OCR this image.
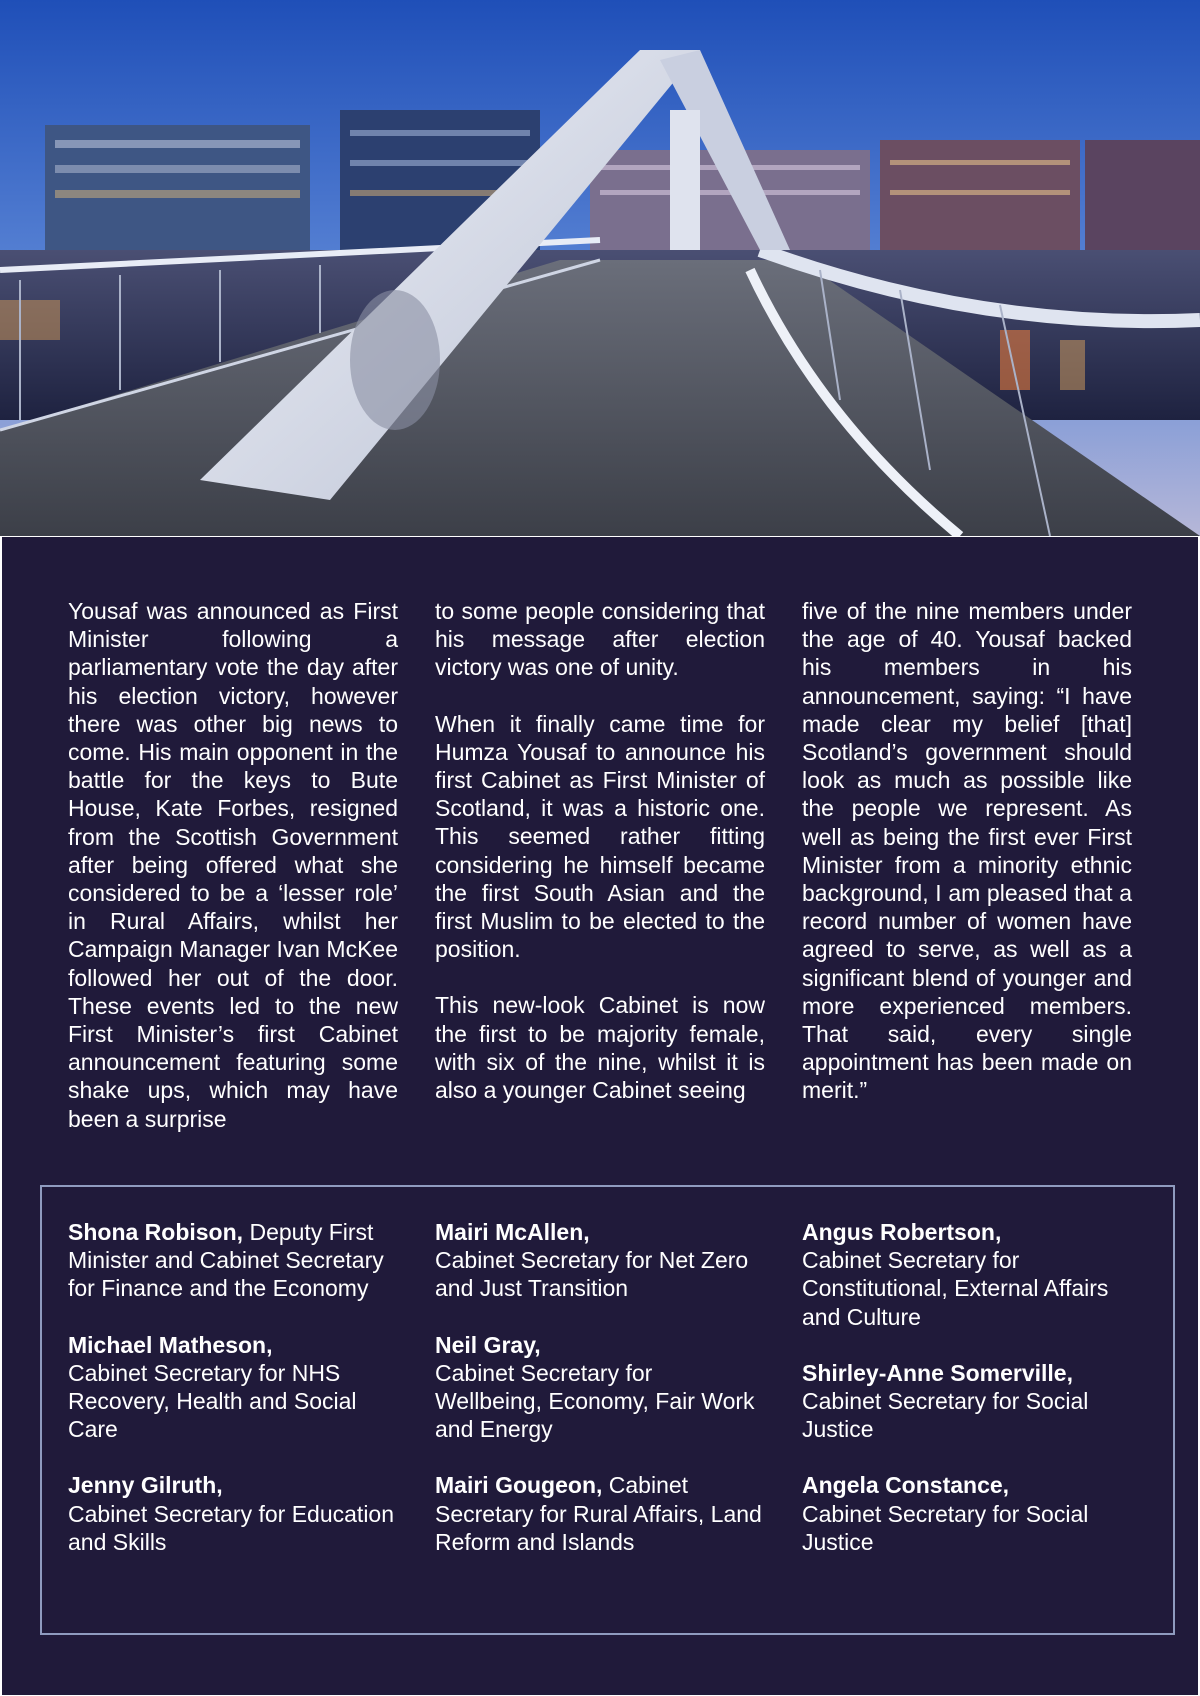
Yousaf was announced as First Minister following a parliamentary vote the day after his election victory, however there was other big news to come. His main opponent in the battle for the keys to Bute House, Kate Forbes, resigned from the Scottish Government after being offered what she considered to be a ‘lesser role’ in Rural Affairs, whilst her Campaign Manager Ivan McKee followed her out of the door. These events led to the new First Minister’s first Cabinet announcement featuring some shake ups, which may have been a surprise

to some people considering that his message after election victory was one of unity.

When it finally came time for Humza Yousaf to announce his first Cabinet as First Minister of Scotland, it was a historic one. This seemed rather fitting considering he himself became the first South Asian and the first Muslim to be elected to the position.

This new-look Cabinet is now the first to be majority female, with six of the nine, whilst it is also a younger Cabinet seeing

five of the nine members under the age of 40. Yousaf backed his members in his announcement, saying: “I have made clear my belief [that] Scotland’s government should look as much as possible like the people we represent. As well as being the first ever First Minister from a minority ethnic background, I am pleased that a record number of women have agreed to serve, as well as a significant blend of younger and more experienced members. That said, every single appointment has been made on merit.”

Shona Robison, Deputy First Minister and Cabinet Secretary for Finance and the Economy
Michael Matheson,
Cabinet Secretary for NHS Recovery, Health and Social Care
Jenny Gilruth,
Cabinet Secretary for Education and Skills
Mairi McAllen,
Cabinet Secretary for Net Zero and Just Transition
Neil Gray,
Cabinet Secretary for Wellbeing, Economy, Fair Work and Energy
Mairi Gougeon, Cabinet Secretary for Rural Affairs, Land Reform and Islands
Angus Robertson,
Cabinet Secretary for Constitutional, External Affairs and Culture
Shirley-Anne Somerville,
Cabinet Secretary for Social Justice
Angela Constance,
Cabinet Secretary for Social Justice
